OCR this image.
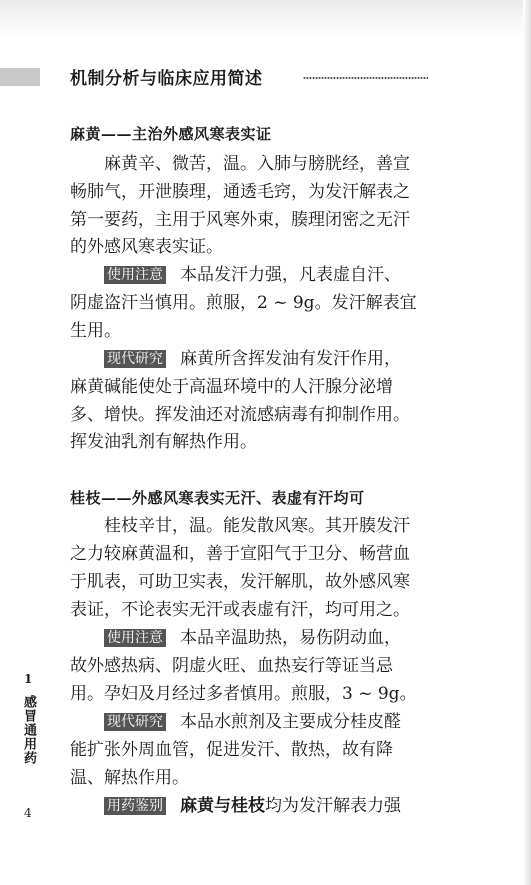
机制分析与临床应用简述
麻黄——主治外感风寒表实证
麻黄辛、微苦，温。入肺与膀胱经，善宣
畅肺气，开泄腠理，通透毛窍，为发汗解表之
第一要药，主用于风寒外束，腠理闭密之无汗
的外感风寒表实证。
使用注意 本品发汗力强，凡表虚自汗、
阴虚盗汗当慎用。煎服，2 ~ 9g。发汗解表宜
生用。
现代研究 麻黄所含挥发油有发汗作用，
麻黄碱能使处于高温环境中的人汗腺分泌增
多、增快。挥发油还对流感病毒有抑制作用。
挥发油乳剂有解热作用。
桂枝——外感风寒表实无汗、表虚有汗均可
桂枝辛甘，温。能发散风寒。其开腠发汗
之力较麻黄温和，善于宣阳气于卫分、畅营血
于肌表，可助卫实表，发汗解肌，故外感风寒
表证，不论表实无汗或表虚有汗，均可用之。
使用注意 本品辛温助热，易伤阴动血，
故外感热病、阴虚火旺、血热妄行等证当忌
用。孕妇及月经过多者慎用。煎服，3 ~ 9g。
现代研究 本品水煎剂及主要成分桂皮醛
能扩张外周血管，促进发汗、散热，故有降
温、解热作用。
用药鉴别 麻黄与桂枝均为发汗解表力强
1
感冒通用药
4
